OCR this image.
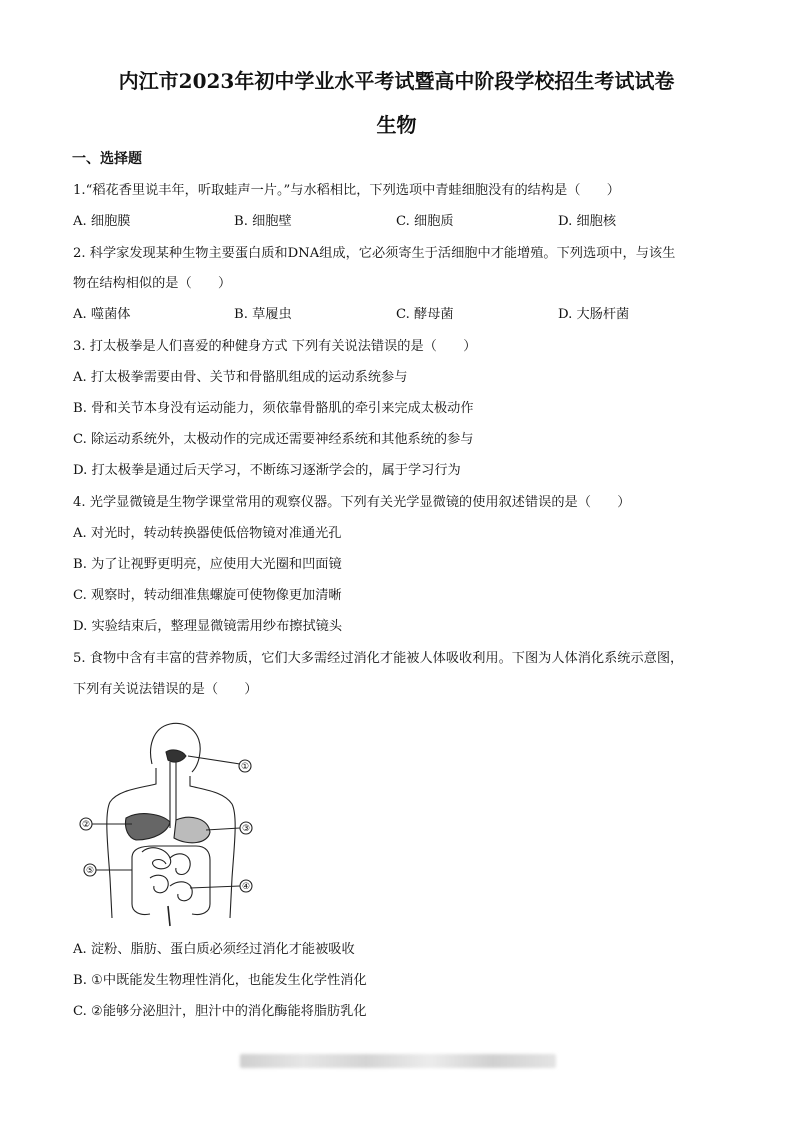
内江市2023年初中学业水平考试暨高中阶段学校招生考试试卷
生物
一、选择题
1.“稻花香里说丰年，听取蛙声一片。”与水稻相比，下列选项中青蛙细胞没有的结构是（　　）
A. 细胞膜	B. 细胞壁	C. 细胞质	D. 细胞核
2. 科学家发现某种生物主要蛋白质和DNA组成，它必须寄生于活细胞中才能增殖。下列选项中，与该生
物在结构相似的是（　　）
A. 噬菌体	B. 草履虫	C. 酵母菌	D. 大肠杆菌
3. 打太极拳是人们喜爱的种健身方式 下列有关说法错误的是（　　）
A. 打太极拳需要由骨、关节和骨骼肌组成的运动系统参与
B. 骨和关节本身没有运动能力，须依靠骨骼肌的牵引来完成太极动作
C. 除运动系统外，太极动作的完成还需要神经系统和其他系统的参与
D. 打太极拳是通过后天学习，不断练习逐渐学会的，属于学习行为
4. 光学显微镜是生物学课堂常用的观察仪器。下列有关光学显微镜的使用叙述错误的是（　　）
A. 对光时，转动转换器使低倍物镜对准通光孔
B. 为了让视野更明亮，应使用大光圈和凹面镜
C. 观察时，转动细准焦螺旋可使物像更加清晰
D. 实验结束后，整理显微镜需用纱布擦拭镜头
5. 食物中含有丰富的营养物质，它们大多需经过消化才能被人体吸收利用。下图为人体消化系统示意图，
下列有关说法错误的是（　　）
①
②	③
④
⑤
A. 淀粉、脂肪、蛋白质必须经过消化才能被吸收
B. ①中既能发生物理性消化，也能发生化学性消化
C. ②能够分泌胆汁，胆汁中的消化酶能将脂肪乳化
